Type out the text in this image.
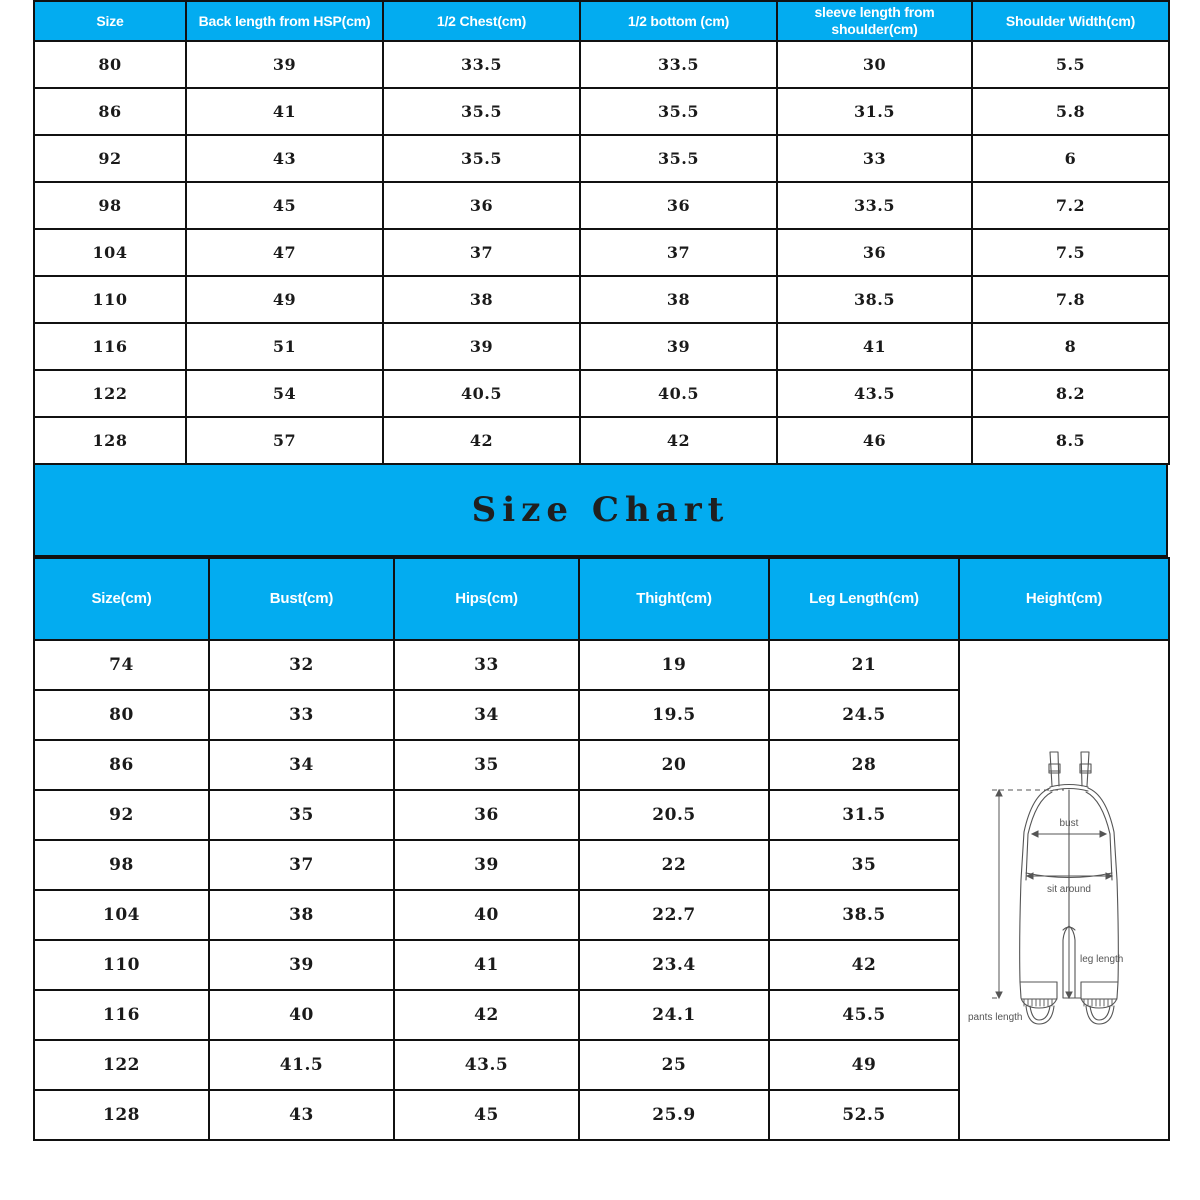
Size	Back length from HSP(cm)	1/2 Chest(cm)	1/2 bottom (cm)	sleeve length from shoulder(cm)	Shoulder Width(cm)
80	39	33.5	33.5	30	5.5
86	41	35.5	35.5	31.5	5.8
92	43	35.5	35.5	33	6
98	45	36	36	33.5	7.2
104	47	37	37	36	7.5
110	49	38	38	38.5	7.8
116	51	39	39	41	8
122	54	40.5	40.5	43.5	8.2
128	57	42	42	46	8.5
Size Chart
Size(cm)	Bust(cm)	Hips(cm)	Thight(cm)	Leg Length(cm)	Height(cm)
74	32	33	19	21	bust
sit around
leg length
pants length

80	33	34	19.5	24.5	
86	34	35	20	28	
92	35	36	20.5	31.5	
98	37	39	22	35	
104	38	40	22.7	38.5	
110	39	41	23.4	42	
116	40	42	24.1	45.5	
122	41.5	43.5	25	49	
128	43	45	25.9	52.5	
